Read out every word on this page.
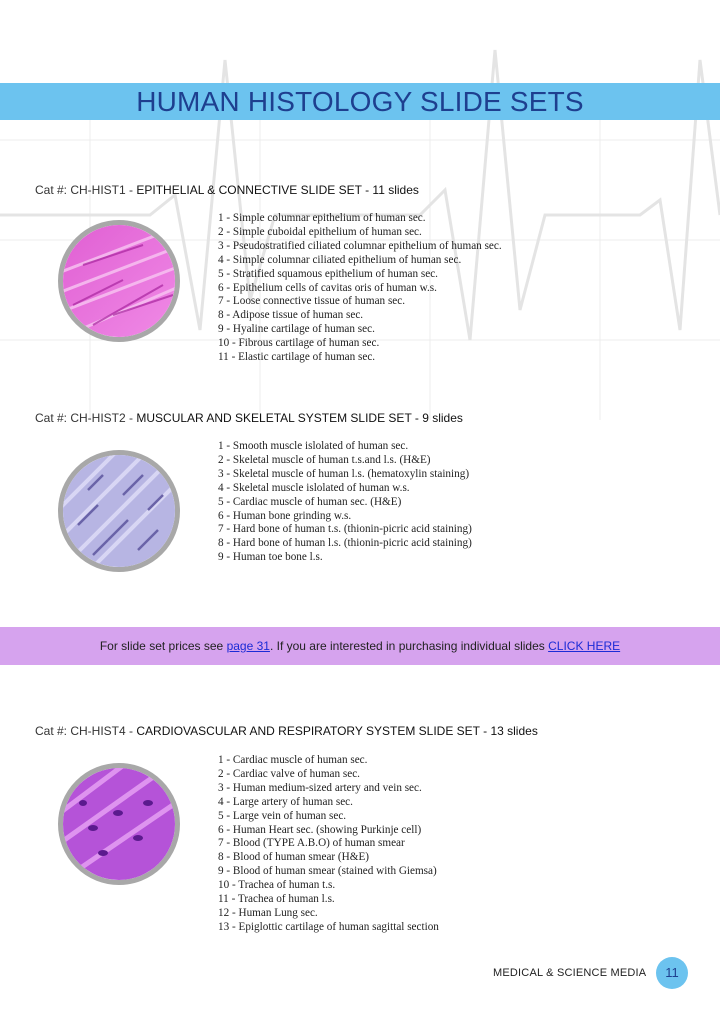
HUMAN HISTOLOGY SLIDE SETS
Cat #: CH-HIST1 - EPITHELIAL & CONNECTIVE SLIDE SET - 11 slides
1 - Simple columnar epithelium of human sec.
2 - Simple cuboidal epithelium of human sec.
3 - Pseudostratified ciliated columnar epithelium of human sec.
4 - Simple columnar ciliated epithelium of human sec.
5 - Stratified squamous epithelium of human sec.
6 - Epithelium cells of cavitas oris of human w.s.
7 - Loose connective tissue of human sec.
8 - Adipose tissue of human sec.
9 - Hyaline cartilage of human sec.
10 - Fibrous cartilage of human sec.
11 - Elastic cartilage of human sec.
Cat #: CH-HIST2 - MUSCULAR AND SKELETAL SYSTEM SLIDE SET - 9 slides
1 - Smooth muscle islolated of human sec.
2 - Skeletal muscle of human t.s.and l.s. (H&E)
3 - Skeletal muscle of human l.s. (hematoxylin staining)
4 - Skeletal muscle islolated of human w.s.
5 - Cardiac muscle of human sec. (H&E)
6 - Human bone grinding w.s.
7 - Hard bone of human t.s. (thionin-picric acid staining)
8 - Hard bone of human l.s. (thionin-picric acid staining)
9 - Human toe bone l.s.
For slide set prices see page 31. If you are interested in purchasing individual slides CLICK HERE
Cat #: CH-HIST4 - CARDIOVASCULAR AND RESPIRATORY SYSTEM SLIDE SET - 13 slides
1 - Cardiac muscle of human sec.
2 - Cardiac valve of human sec.
3 - Human medium-sized artery and vein sec.
4 - Large artery of human sec.
5 - Large vein of human sec.
6 - Human Heart sec. (showing Purkinje cell)
7 - Blood (TYPE A.B.O) of human smear
8 - Blood of human smear (H&E)
9 - Blood of human smear (stained with Giemsa)
10 - Trachea of human t.s.
11 - Trachea of human l.s.
12 - Human Lung sec.
13 - Epiglottic cartilage of human sagittal section
MEDICAL & SCIENCE MEDIA	11
